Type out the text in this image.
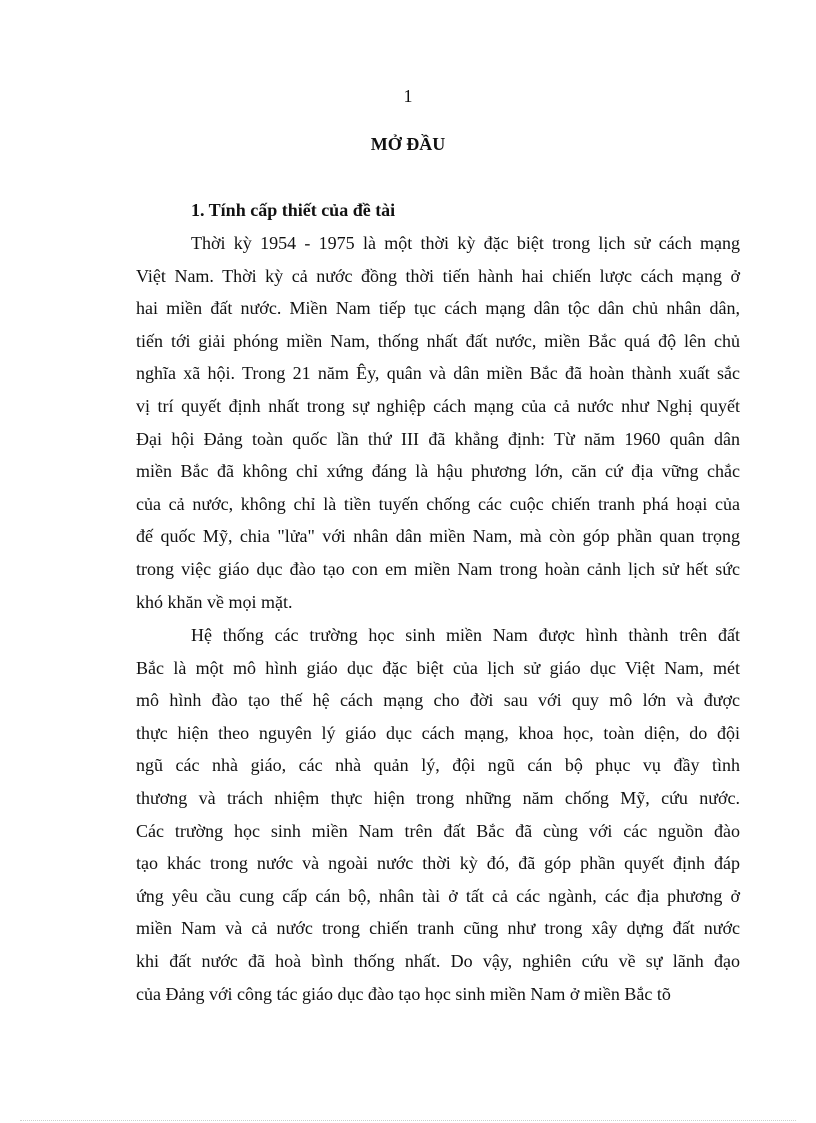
1
MỞ ĐẦU
1. Tính cấp thiết của đề tài
Thời kỳ 1954 - 1975 là một thời kỳ đặc biệt trong lịch sử cách mạng
Việt Nam. Thời kỳ cả nước đồng thời tiến hành hai chiến lược cách mạng ở
hai miền đất nước. Miền Nam tiếp tục cách mạng dân tộc dân chủ nhân dân,
tiến tới giải phóng miền Nam, thống nhất đất nước, miền Bắc quá độ lên chủ
nghĩa xã hội. Trong 21 năm Êy, quân và dân miền Bắc đã hoàn thành xuất sắc
vị trí quyết định nhất trong sự nghiệp cách mạng của cả nước như Nghị quyết
Đại hội Đảng toàn quốc lần thứ III đã khẳng định: Từ năm 1960 quân dân
miền Bắc đã không chỉ xứng đáng là hậu phương lớn, căn cứ địa vững chắc
của cả nước, không chỉ là tiền tuyến chống các cuộc chiến tranh phá hoại của
đế quốc Mỹ, chia "lửa" với nhân dân miền Nam, mà còn góp phần quan trọng
trong việc giáo dục đào tạo con em miền Nam trong hoàn cảnh lịch sử hết sức
khó khăn về mọi mặt.
Hệ thống các trường học sinh miền Nam được hình thành trên đất
Bắc là một mô hình giáo dục đặc biệt của lịch sử giáo dục Việt Nam, mét
mô hình đào tạo thế hệ cách mạng cho đời sau với quy mô lớn và được
thực hiện theo nguyên lý giáo dục cách mạng, khoa học, toàn diện, do đội
ngũ các nhà giáo, các nhà quản lý, đội ngũ cán bộ phục vụ đầy tình
thương và trách nhiệm thực hiện trong những năm chống Mỹ, cứu nước.
Các trường học sinh miền Nam trên đất Bắc đã cùng với các nguồn đào
tạo khác trong nước và ngoài nước thời kỳ đó, đã góp phần quyết định đáp
ứng yêu cầu cung cấp cán bộ, nhân tài ở tất cả các ngành, các địa phương ở
miền Nam và cả nước trong chiến tranh cũng như trong xây dựng đất nước
khi đất nước đã hoà bình thống nhất. Do vậy, nghiên cứu về sự lãnh đạo
của Đảng với công tác giáo dục đào tạo học sinh miền Nam ở miền Bắc tõ
